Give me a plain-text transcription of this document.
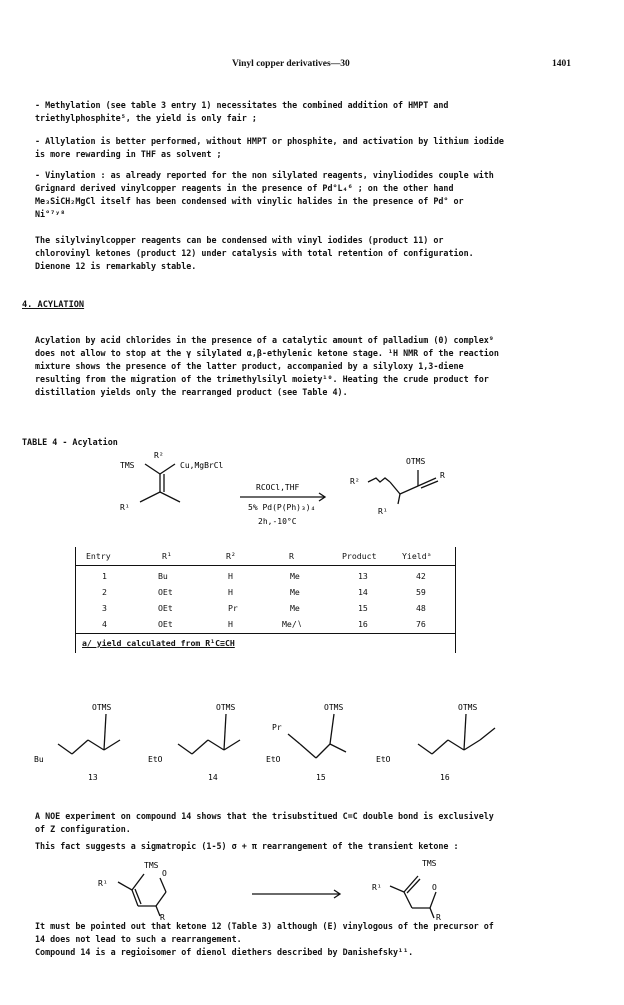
Vinyl copper derivatives—30	1401
- Methylation (see table 3 entry 1) necessitates the combined addition of HMPT and
triethylphosphite⁵, the yield is only fair ;
- Allylation is better performed, without HMPT or phosphite, and activation by lithium iodide
is more rewarding in THF as solvent ;
- Vinylation : as already reported for the non silylated reagents, vinyliodides couple with
Grignard derived vinylcopper reagents in the presence of Pd°L₄⁶ ; on the other hand
Me₃SiCH₂MgCl itself has been condensed with vinylic halides in the presence of Pd° or
Ni°⁷ʸ⁸
The silylvinylcopper reagents can be condensed with vinyl iodides (product 11) or
chlorovinyl ketones (product 12) under catalysis with total retention of configuration.
Dienone 12 is remarkably stable.
4. ACYLATION
Acylation by acid chlorides in the presence of a catalytic amount of palladium (0) complex⁹
does not allow to stop at the γ silylated α,β-ethylenic ketone stage. ¹H NMR of the reaction
mixture shows the presence of the latter product, accompanied by a silyloxy 1,3-diene
resulting from the migration of the trimethylsilyl moiety¹⁰. Heating the crude product for
distillation yields only the rearranged product (see Table 4).
TABLE 4 - Acylation
R²
TMS	Cu,MgBrCl
R¹
RCOCl,THF
5% Pd(P(Ph)₃)₄
2h,-10°C
OTMS
R²
R
R¹
Entry	R¹	R²	R	Product	Yieldᵃ
1	Bu	H	Me	13	42
2	OEt	H	Me	14	59
3	OEt	Pr	Me	15	48
4	OEt	H	Me∕∖	16	76
a/ yield calculated from R¹C≡CH
OTMS
Bu
13
OTMS
EtO
14
OTMS
Pr
EtO
15
OTMS
EtO
16
A NOE experiment on compound 14 shows that the trisubstitued C=C double bond is exclusively
of Z configuration.
This fact suggests a sigmatropic (1-5) σ + π rearrangement of the transient ketone :
TMS
R¹
O
R
TMS
R¹	O
R
It must be pointed out that ketone 12 (Table 3) although (E) vinylogous of the precursor of
14 does not lead to such a rearrangement.
Compound 14 is a regioisomer of dienol diethers described by Danishefsky¹¹.
